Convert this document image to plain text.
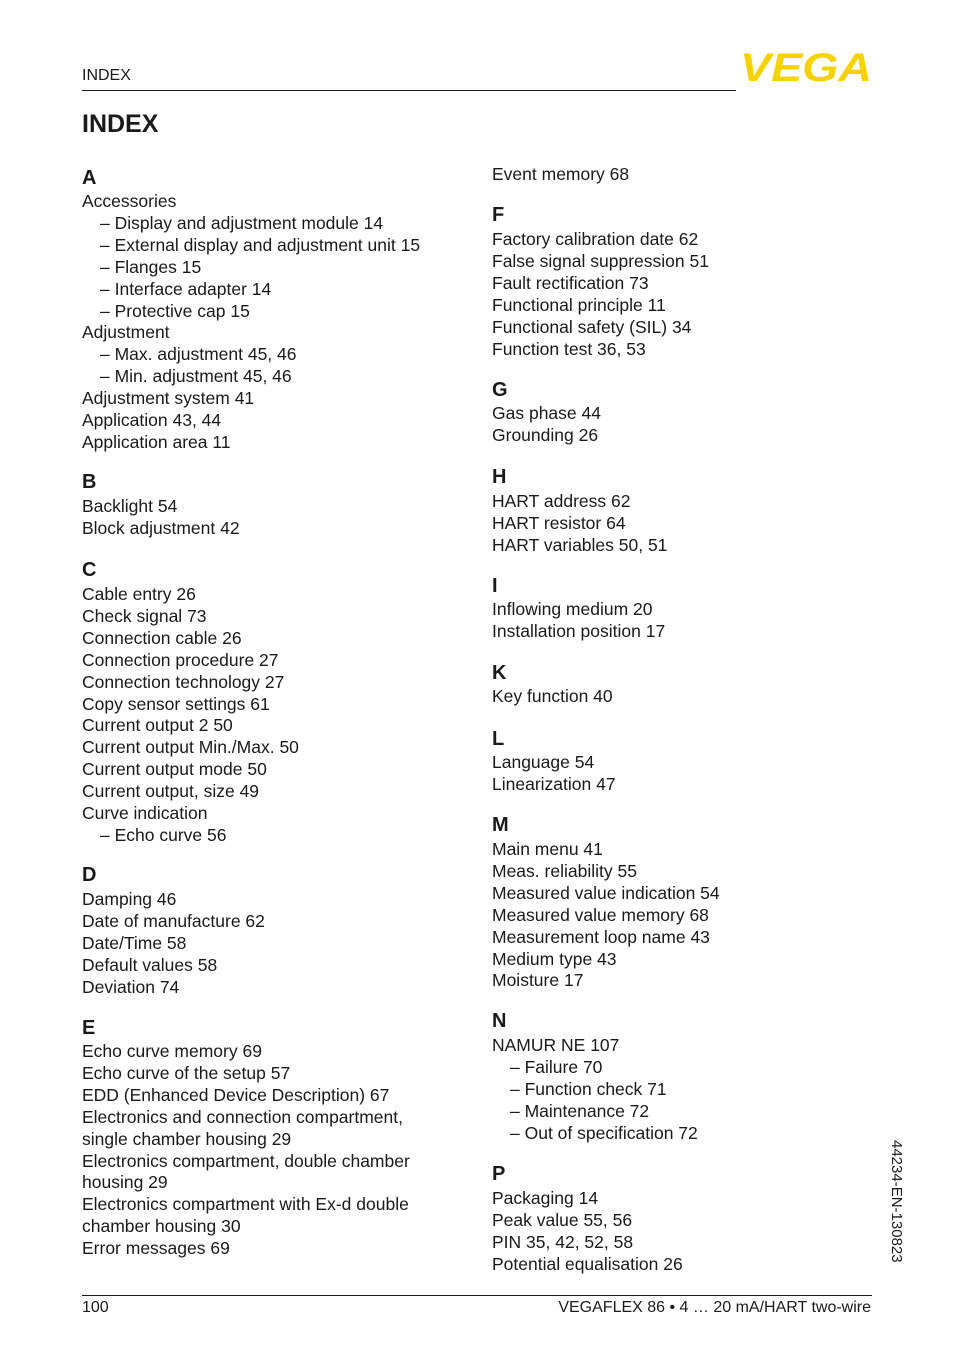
INDEX	VEGA
INDEX
A
Accessories
– Display and adjustment module 14
– External display and adjustment unit 15
– Flanges 15
– Interface adapter 14
– Protective cap 15
Adjustment
– Max. adjustment 45, 46
– Min. adjustment 45, 46
Adjustment system 41
Application 43, 44
Application area 11
B
Backlight 54
Block adjustment 42
C
Cable entry 26
Check signal 73
Connection cable 26
Connection procedure 27
Connection technology 27
Copy sensor settings 61
Current output 2 50
Current output Min./Max. 50
Current output mode 50
Current output, size 49
Curve indication
– Echo curve 56
D
Damping 46
Date of manufacture 62
Date/Time 58
Default values 58
Deviation 74
E
Echo curve memory 69
Echo curve of the setup 57
EDD (Enhanced Device Description) 67
Electronics and connection compartment,
single chamber housing 29
Electronics compartment, double chamber
housing 29
Electronics compartment with Ex-d double
chamber housing 30
Error messages 69
Event memory 68
F
Factory calibration date 62
False signal suppression 51
Fault rectification 73
Functional principle 11
Functional safety (SIL) 34
Function test 36, 53
G
Gas phase 44
Grounding 26
H
HART address 62
HART resistor 64
HART variables 50, 51
I
Inflowing medium 20
Installation position 17
K
Key function 40
L
Language 54
Linearization 47
M
Main menu 41
Meas. reliability 55
Measured value indication 54
Measured value memory 68
Measurement loop name 43
Medium type 43
Moisture 17
N
NAMUR NE 107
– Failure 70
– Function check 71
– Maintenance 72
– Out of specification 72
P
Packaging 14
Peak value 55, 56
PIN 35, 42, 52, 58
Potential equalisation 26
100	VEGAFLEX 86 • 4 … 20 mA/HART two-wire
44234-EN-130823
